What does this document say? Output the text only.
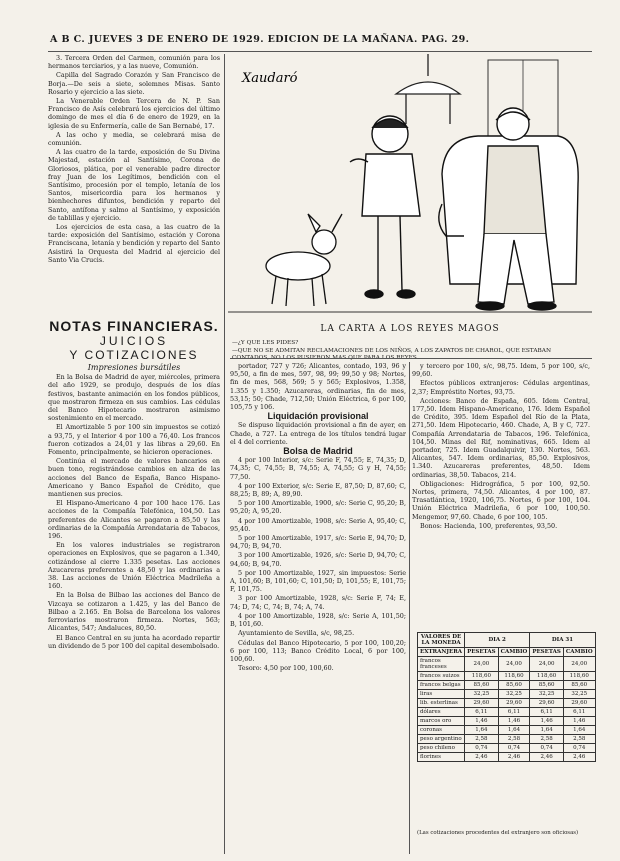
A B C. JUEVES 3 DE ENERO DE 1929. EDICION DE LA MAÑANA. PAG. 29.

3. Tercera Orden del Carmen, comunión para los hermanos terciarios, y a las nueve, Comunión.

Capilla del Sagrado Corazón y San Francisco de Borja.—De seis a siete, solemnes Misas. Santo Rosario y ejercicio a las siete.

La Venerable Orden Tercera de N. P. San Francisco de Asís celebrará los ejercicios del último domingo de mes el día 6 de enero de 1929, en la iglesia de su Enfermería, calle de San Bernabé, 17.

A las ocho y media, se celebrará misa de comunión.

A las cuatro de la tarde, exposición de Su Divina Majestad, estación al Santísimo, Corona de Gloriosos, plática, por el venerable padre director fray Juan de los Legítimos, bendición con el Santísimo, procesión por el templo, letanía de los Santos, misericordia para los hermanos y bienhechores difuntos, bendición y reparto del Santo, antífona y salmo al Santísimo, y exposición de tablillas y ejercicio.

Los ejercicios de esta casa, a las cuatro de la tarde: exposición del Santísimo, estación y Corona Franciscana, letanía y bendición y reparto del Santo Asistirá la Orquesta del Madrid al ejercicio del Santo Via Crucis.

NOTAS FINANCIERAS.
JUICIOS
Y COTIZACIONES

Impresiones bursátiles

En la Bolsa de Madrid de ayer, miércoles, primera del año 1929, se produjo, después de los días festivos, bastante animación en los fondos públicos, que mostraron firmeza en sus cambios. Las cédulas del Banco Hipotecario mostraron asimismo sostenimiento en el mercado.

El Amortizable 5 por 100 sin impuestos se cotizó a 93,75, y el Interior 4 por 100 a 76,40. Los francos fueron cotizados a 24,01 y las libras a 29,60. En Fomento, principalmente, se hicieron operaciones.

Continúa el mercado de valores bancarios en buen tono, registrándose cambios en alza de las acciones del Banco de España, Banco Hispano-Americano y Banco Español de Crédito, que mantienen sus precios.

El Hispano-Americano 4 por 100 hace 176. Las acciones de la Compañía Telefónica, 104,50. Las preferentes de Alicantes se pagaron a 85,50 y las ordinarias de la Compañía Arrendataria de Tabacos, 196.

En los valores industriales se registraron operaciones en Explosivos, que se pagaron a 1.340, cotizándose al cierre 1.335 pesetas. Las acciones Azucareras preferentes a 48,50 y las ordinarias a 38. Las acciones de Unión Eléctrica Madrileña a 160.

En la Bolsa de Bilbao las acciones del Banco de Vizcaya se cotizaron a 1.425, y las del Banco de Bilbao a 2.165. En Bolsa de Barcelona los valores ferroviarios mostraron firmeza. Nortes, 563; Alicantes, 547; Andaluces, 80,50.

El Banco Central en su junta ha acordado repartir un dividendo de 5 por 100 del capital desembolsado.

Xaudaró
LA CARTA A LOS REYES MAGOS
—¿Y QUE LES PIDES?
—QUE NO SE ADMITAN RECLAMACIONES DE LOS NIÑOS, A LOS ZAPATOS DE CHAROL, QUE ESTABAN

portador, 727 y 726; Alicantes, contado, 193, 96 y 95,50, a fin de mes, 597, 98, 99; 99,50 y 98; Nortes, fin de mes, 568, 569; 5 y 565; Explosivos, 1.358, 1.355 y 1.350; Azucareras, ordinarias, fin de mes, 53,15; 50; Chade, 712,50; Unión Eléctrica, 6 por 100, 105,75 y 106.

Liquidación provisional

Se dispuso liquidación provisional a fin de ayer, en Chade, a 727. La entrega de los títulos tendrá lugar el 4 del corriente.

Bolsa de Madrid

4 por 100 Interior, s/c: Serie F, 74,55; E, 74,35; D, 74,35; C, 74,55; B, 74,55; A, 74,55; G y H, 74,55; 77,50.

4 por 100 Exterior, s/c: Serie E, 87,50; D, 87,60; C, 88,25; B, 89; A, 89,90.

5 por 100 Amortizable, 1900, s/c: Serie C, 95,20; B, 95,20; A, 95,20.

4 por 100 Amortizable, 1908, s/c: Serie A, 95,40; C, 95,40.

5 por 100 Amortizable, 1917, s/c: Serie E, 94,70; D, 94,70; B, 94,70.

3 por 100 Amortizable, 1926, s/c: Serie D, 94,70; C, 94,60; B, 94,70.

5 por 100 Amortizable, 1927, sin impuestos: Serie A, 101,60; B, 101,60; C, 101,50; D, 101,55; E, 101,75; F, 101,75.

3 por 100 Amortizable, 1928, s/c: Serie F, 74; E, 74; D, 74; C, 74; B, 74; A, 74.

4 por 100 Amortizable, 1928, s/c: Serie A, 101,50; B, 101,60.

Ayuntamiento de Sevilla, s/c, 98,25.

Cédulas del Banco Hipotecario, 5 por 100, 100,20; 6 por 100, 113; Banco Crédito Local, 6 por 100, 100,60.

Tesoro: 4,50 por 100, 100,60.

y tercero por 100, s/c, 98,75. Idem, 5 por 100, s/c, 99,60.

Efectos públicos extranjeros: Cédulas argentinas, 2,37; Empréstito Nortes, 93,75.

Acciones: Banco de España, 605. Idem Central, 177,50. Idem Hispano-Americano, 176. Idem Español de Crédito, 395. Idem Español del Río de la Plata, 271,50. Idem Hipotecario, 460. Chade, A, B y C, 727. Compañía Arrendataria de Tabacos, 196. Telefónica, 104,50. Minas del Rif, nominativas, 665. Idem al portador, 725. Idem Guadalquivir, 130. Nortes, 563. Alicantes, 547. Idem ordinarias, 85,50. Explosivos, 1.340. Azucareras preferentes, 48,50. Idem ordinarias, 38,50. Tabacos, 214.

Obligaciones: Hidrográfica, 5 por 100, 92,50. Nortes, primera, 74,50. Alicantes, 4 por 100, 87. Trasatlántica, 1920, 106,75. Nortes, 6 por 100, 104. Unión Eléctrica Madrileña, 6 por 100, 100,50. Mengemor, 97,60. Chade, 6 por 100, 105.

Bonos: Hacienda, 100, preferentes, 93,50.

VALORES DE LA MONEDA	DIA 2		DIA 31	
EXTRANJERA	PESETAS	CAMBIO	PESETAS	CAMBIO
francos franceses	24,00	24,00	24,00	24,00
francos suizos	118,60	118,60	118,60	118,60
francos belgas	85,60	85,60	85,60	85,60
liras	32,25	32,25	32,25	32,25
lib. esterlinas	29,60	29,60	29,60	29,60
dólares	6,11	6,11	6,11	6,11
marcos oro	1,46	1,46	1,46	1,46
coronas	1,64	1,64	1,64	1,64
peso argentino	2,58	2,58	2,58	2,58
peso chileno	0,74	0,74	0,74	0,74
florines	2,46	2,46	2,46	2,46
(Las cotizaciones procedentes del extranjero son oficiosas)
